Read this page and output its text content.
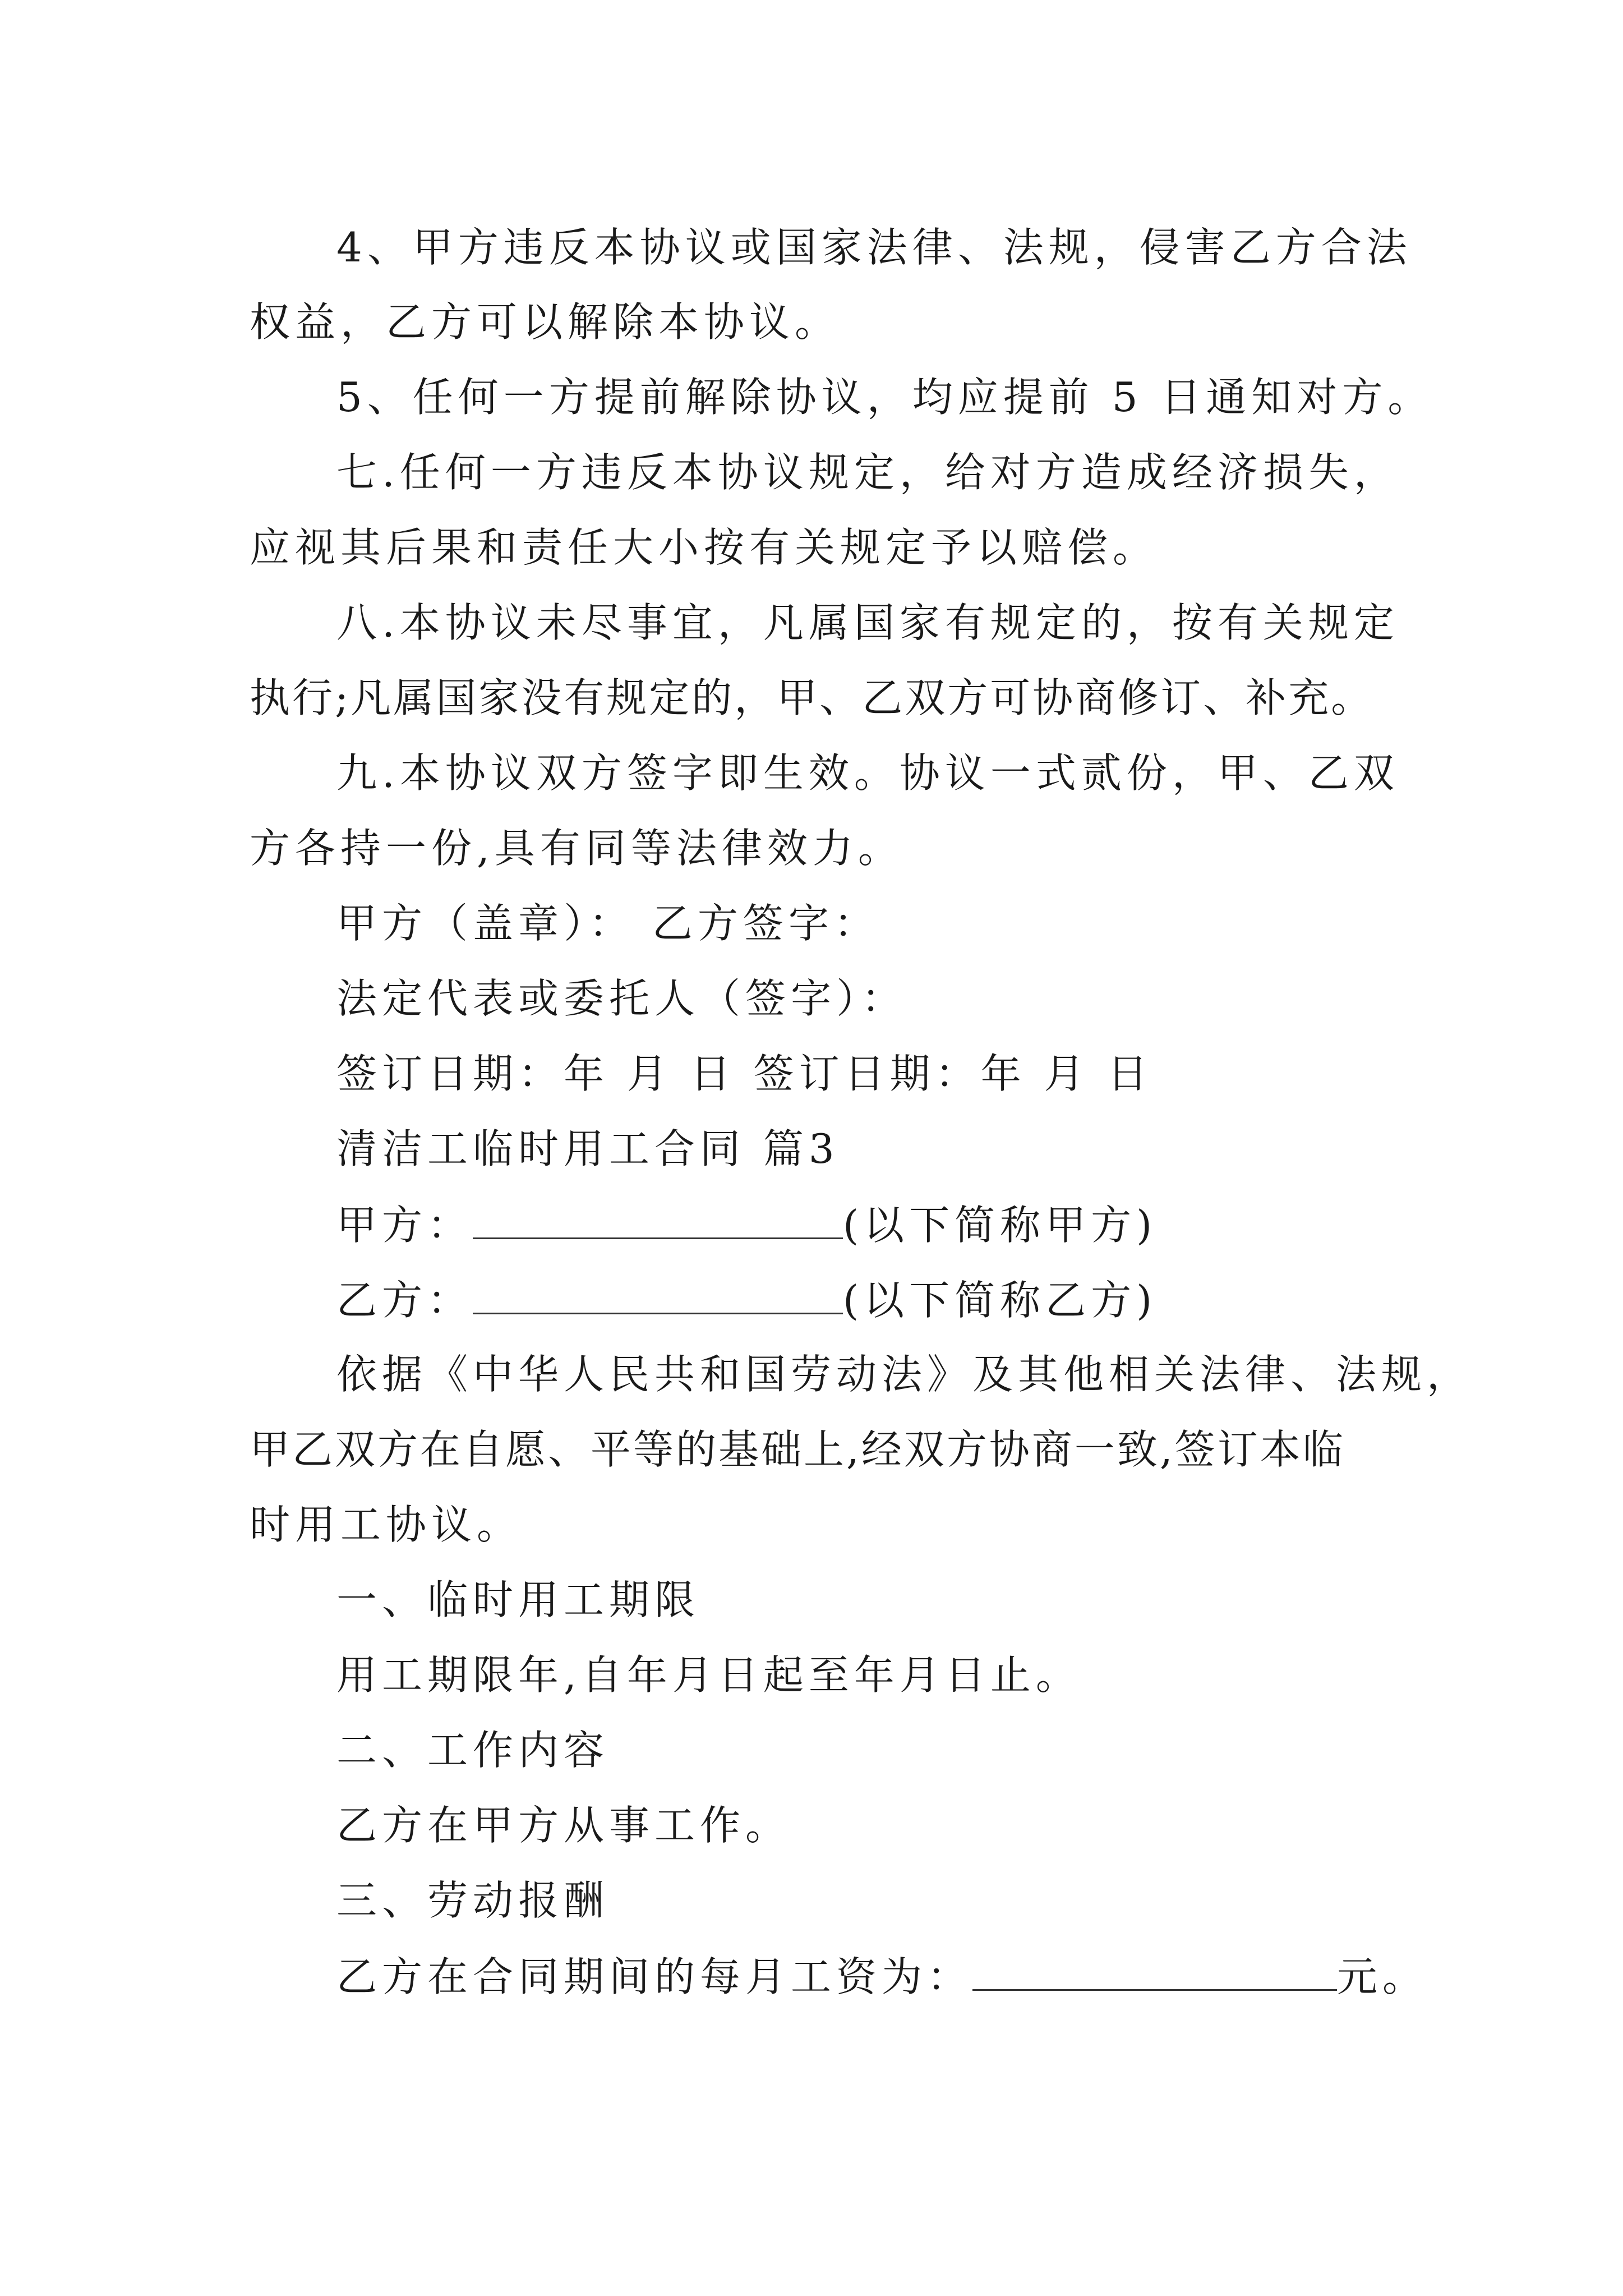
4、甲方违反本协议或国家法律、法规，侵害乙方合法
权益，乙方可以解除本协议。
5、任何一方提前解除协议，均应提前 5 日通知对方。
七.任何一方违反本协议规定，给对方造成经济损失，
应视其后果和责任大小按有关规定予以赔偿。
八.本协议未尽事宜，凡属国家有规定的，按有关规定
执行;凡属国家没有规定的，甲、乙双方可协商修订、补充。
九.本协议双方签字即生效。协议一式贰份，甲、乙双
方各持一份,具有同等法律效力。
甲方（盖章）： 乙方签字：
法定代表或委托人（签字）：
签订日期：年 月 日 签订日期：年 月 日
清洁工临时用工合同 篇3
甲方：	(以下简称甲方)
乙方：	(以下简称乙方)
依据《中华人民共和国劳动法》及其他相关法律、法规，
甲乙双方在自愿、平等的基础上,经双方协商一致,签订本临
时用工协议。
一、临时用工期限
用工期限年,自年月日起至年月日止。
二、工作内容
乙方在甲方从事工作。
三、劳动报酬
乙方在合同期间的每月工资为：	元。
